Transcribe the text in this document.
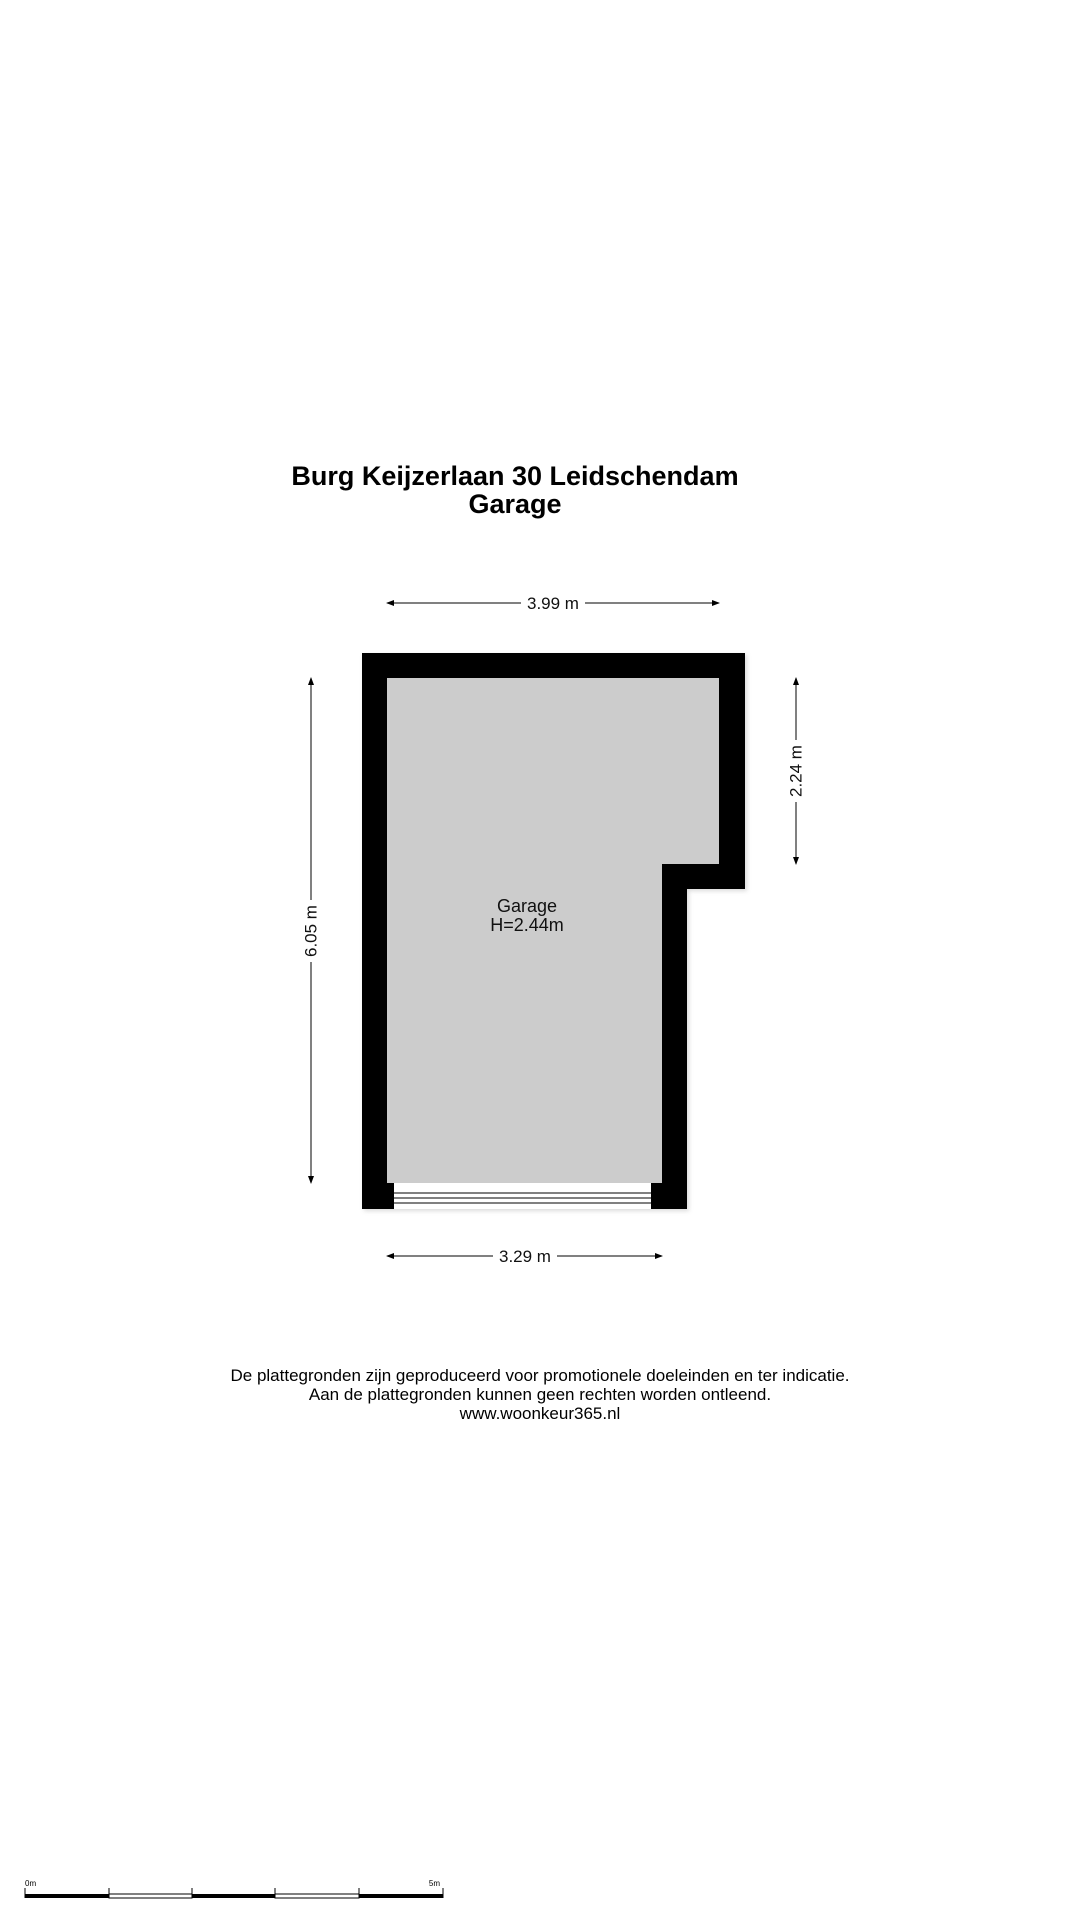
Burg Keijzerlaan 30 Leidschendam
Garage
Garage
H=2.44m
3.99 m
3.29 m
6.05 m
2.24 m
0m	5m
De plattegronden zijn geproduceerd voor promotionele doeleinden en ter indicatie.
Aan de plattegronden kunnen geen rechten worden ontleend.
www.woonkeur365.nl
